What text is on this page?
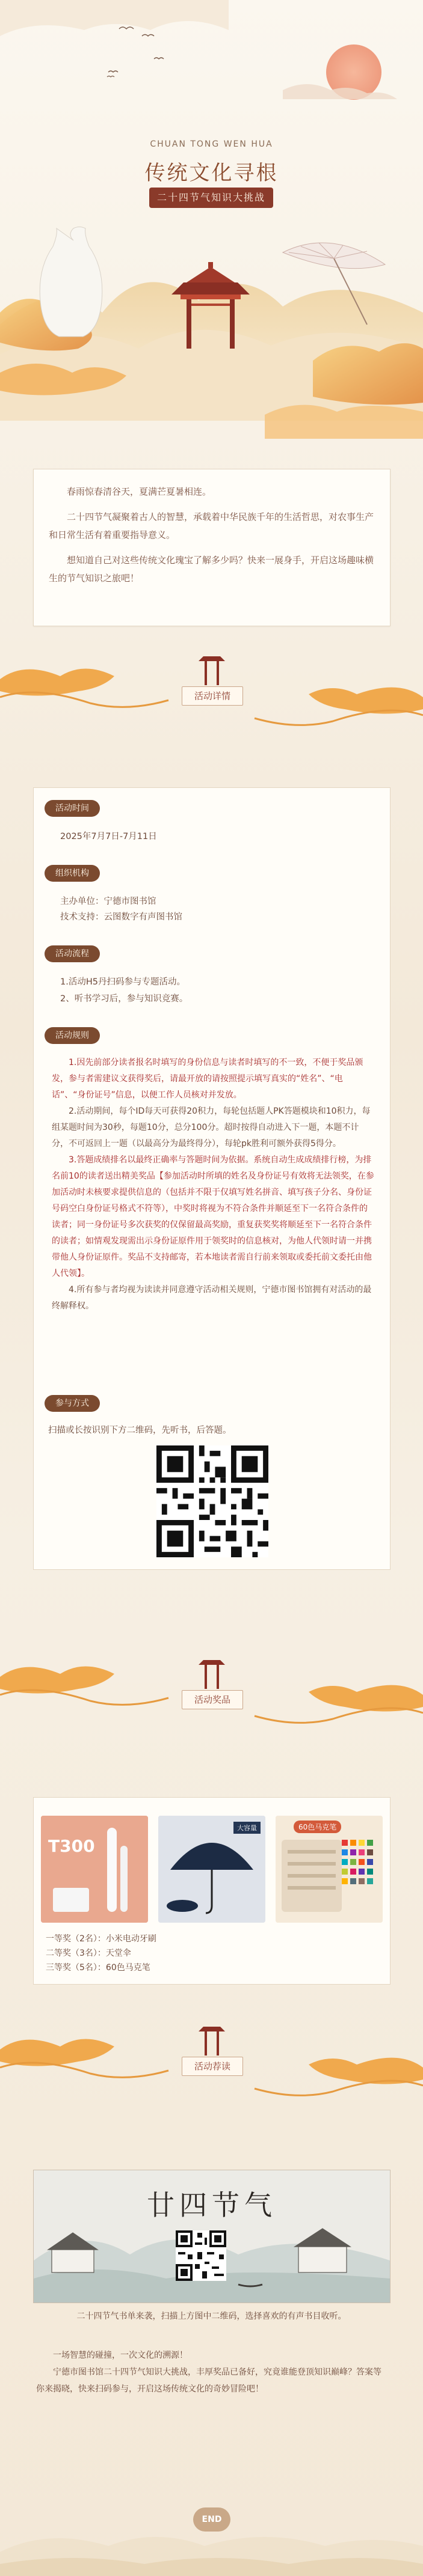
CHUAN TONG WEN HUA
传统文化寻根
二十四节气知识大挑战

春雨惊春清谷天，夏满芒夏暑相连。

二十四节气凝聚着古人的智慧，承载着中华民族千年的生活哲思，对农事生产和日常生活有着重要指导意义。

想知道自己对这些传统文化瑰宝了解多少吗？快来一展身手，开启这场趣味横生的节气知识之旅吧！

活动详情
活动时间
2025年7月7日-7月11日
组织机构
主办单位：宁德市图书馆
技术支持：云图数字有声图书馆
活动流程
1.活动H5丹扫码参与专题活动。
2、听书学习后，参与知识竞赛。
活动规则

1.因先前部分读者报名时填写的身份信息与读者时填写的不一致，不便于奖品颁发，参与者需建议文获得奖后，请最开放的请按照提示填写真实的“姓名”、“电话”、“身份证号”信息，以便工作人员核对并发放。

2.活动期间，每个ID每天可获得20积力，每轮包括题人PK答题模块和10积力，每组某题时间为30秒，每题10分，总分100分。超时按得自动进入下一题，本题不计分，不可返回上一题（以最高分为最终得分），每轮pk胜利可额外获得5得分。

3.答题成绩排名以最终正确率与答题时间为依据。系统自动生成成绩排行榜，为排名前10的读者送出精美奖品【参加活动时所填的姓名及身份证号有效将无法领奖，在参加活动时未核要求提供信息的（包括并不限于仅填写姓名拼音、填写孩子分名、身份证号码空白身份证号格式不符等），中奖时将视为不符合条件并顺延至下一名符合条件的读者；同一身份证号多次获奖的仅保留最高奖励，重复获奖奖将顺延至下一名符合条件的读者；如情观发现需出示身份证原件用于领奖时的信息核对，为他人代领时请一并携带他人身份证原件。奖品不支持邮寄，若本地读者需自行前来领取或委托前文委托由他人代领】。

4.所有参与者均视为读读并同意遵守活动相关规则，宁德市图书馆拥有对活动的最终解释权。

参与方式
扫描或长按识别下方二维码，先听书，后答题。
活动奖品
T300
大容量	60色马克笔
一等奖（2名）：小米电动牙刷
二等奖（3名）：天堂伞
三等奖（5名）：60色马克笔
活动荐读
廿四节气
二十四节气书单来袭，扫描上方图中二维码，选择喜欢的有声书目收听。
一场智慧的碰撞，一次文化的溯源！
宁德市图书馆二十四节气知识大挑战，丰厚奖品已备好，究竟谁能登顶知识巅峰？答案等你来揭晓，快来扫码参与，开启这场传统文化的奇妙冒险吧！
END
